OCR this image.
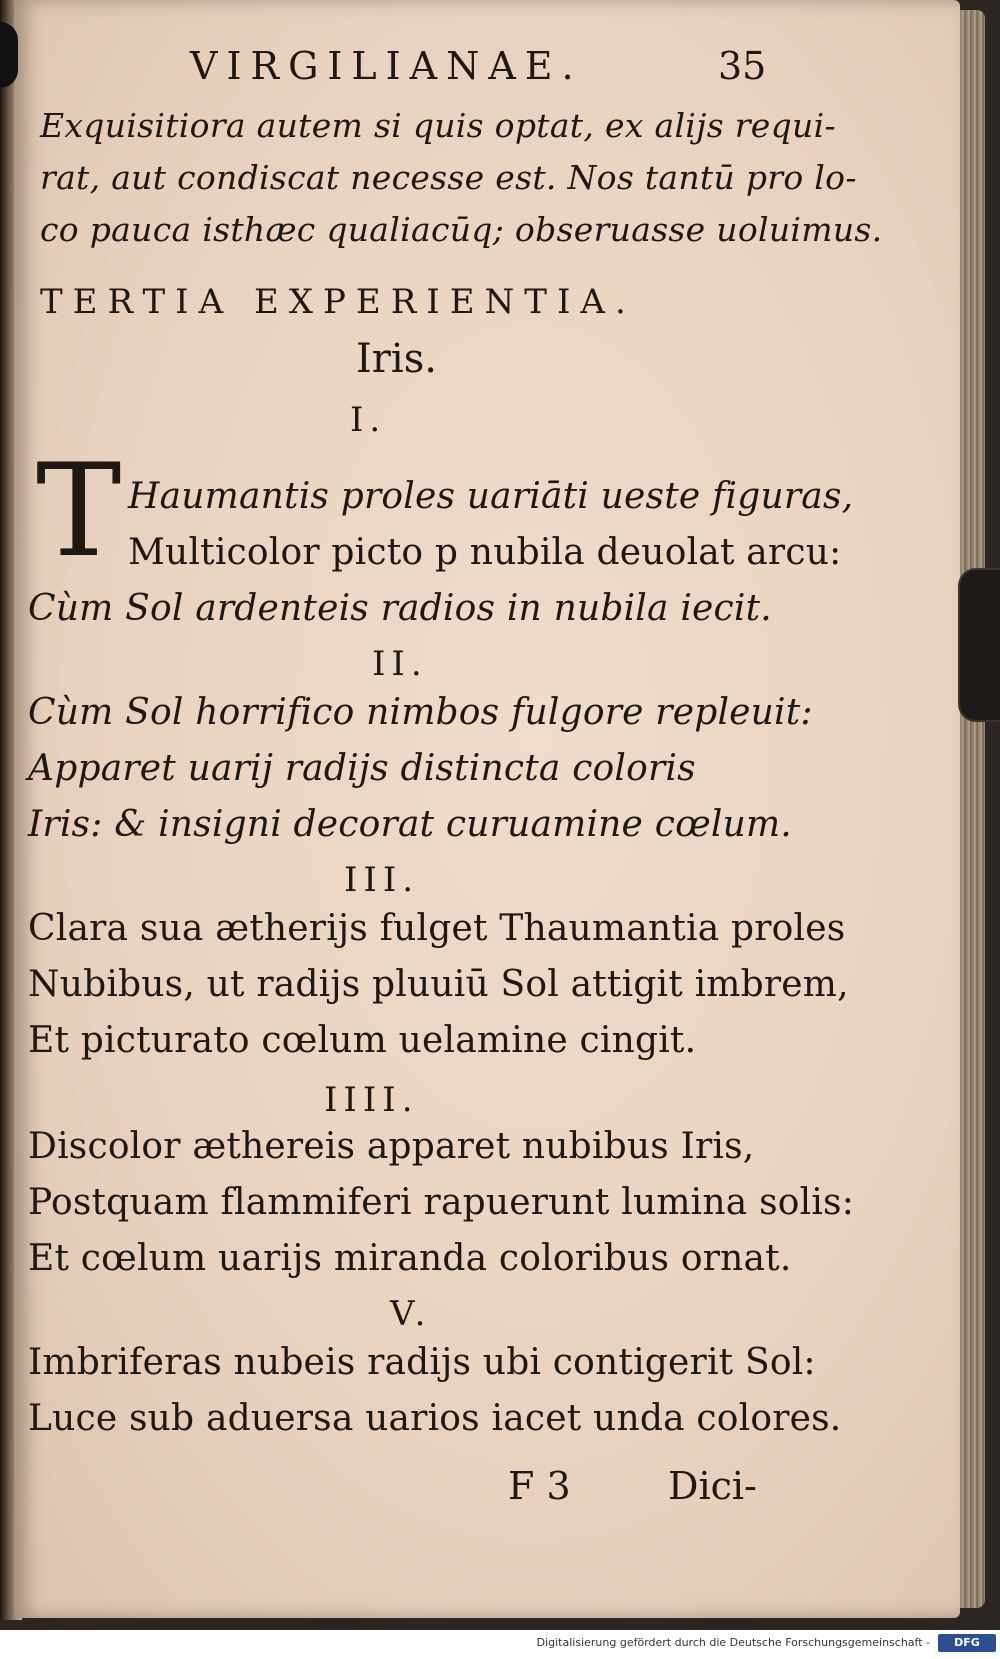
VIRGILIANAE.	35

Exquisitiora autem si quis optat, ex alijs requi-

rat, aut condiscat necesse est. Nos tantū pro lo-

co pauca isthæc qualiacūq; obseruasse uoluimus.

TERTIA EXPERIENTIA.

Iris.

I.

T Haumantis proles uariāti ueste figuras,

Multicolor picto p nubila deuolat arcu:

Cùm Sol ardenteis radios in nubila iecit.

II.

Cùm Sol horrifico nimbos fulgore repleuit:

Apparet uarij radijs distincta coloris

Iris: & insigni decorat curuamine cœlum.

III.

Clara sua ætherijs fulget Thaumantia proles

Nubibus, ut radijs pluuiū Sol attigit imbrem,

Et picturato cœlum uelamine cingit.

IIII.

Discolor æthereis apparet nubibus Iris,

Postquam flammiferi rapuerunt lumina solis:

Et cœlum uarijs miranda coloribus ornat.

V.

Imbriferas nubeis radijs ubi contigerit Sol:

Luce sub aduersa uarios iacet unda colores.

F 3	Dici-

Digitalisierung gefördert durch die Deutsche Forschungsgemeinschaft -	DFG
